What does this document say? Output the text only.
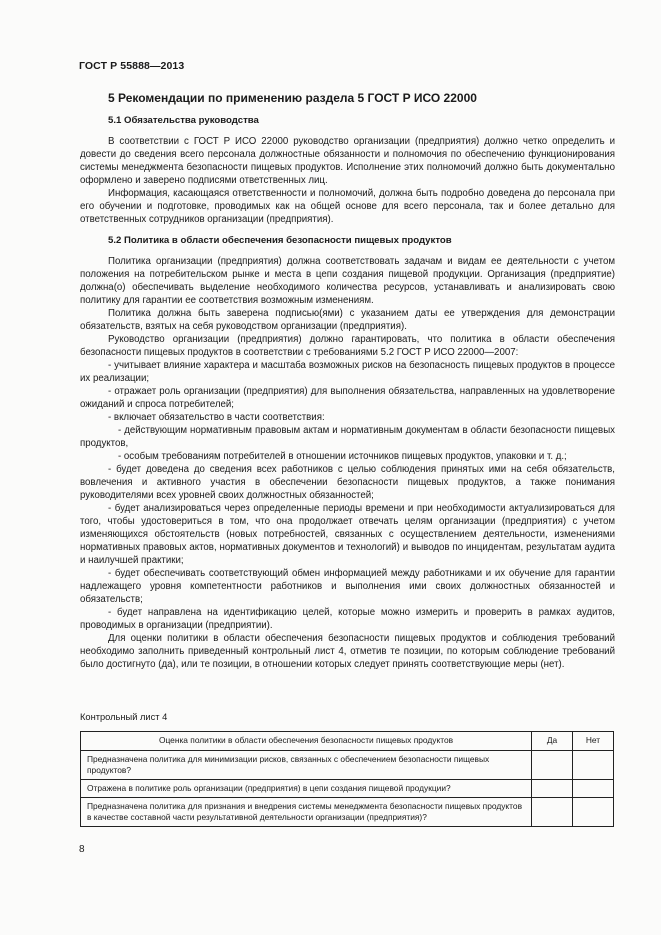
ГОСТ Р 55888—2013
5 Рекомендации по применению раздела 5 ГОСТ Р ИСО 22000
5.1 Обязательства руководства

В соответствии с ГОСТ Р ИСО 22000 руководство организации (предприятия) должно четко определить и довести до сведения всего персонала должностные обязанности и полномочия по обеспечению функционирования системы менеджмента безопасности пищевых продуктов. Исполнение этих полномочий должно быть документально оформлено и заверено подписями ответственных лиц.

Информация, касающаяся ответственности и полномочий, должна быть подробно доведена до персонала при его обучении и подготовке, проводимых как на общей основе для всего персонала, так и более детально для ответственных сотрудников организации (предприятия).

5.2 Политика в области обеспечения безопасности пищевых продуктов

Политика организации (предприятия) должна соответствовать задачам и видам ее деятельности с учетом положения на потребительском рынке и места в цепи создания пищевой продукции. Организация (предприятие) должна(о) обеспечивать выделение необходимого количества ресурсов, устанавливать и анализировать свою политику для гарантии ее соответствия возможным изменениям.

Политика должна быть заверена подписью(ями) с указанием даты ее утверждения для демонстрации обязательств, взятых на себя руководством организации (предприятия).

Руководство организации (предприятия) должно гарантировать, что политика в области обеспечения безопасности пищевых продуктов в соответствии с требованиями 5.2 ГОСТ Р ИСО 22000—2007:

- учитывает влияние характера и масштаба возможных рисков на безопасность пищевых продуктов в процессе их реализации;

- отражает роль организации (предприятия) для выполнения обязательства, направленных на удовлетворение ожиданий и спроса потребителей;

- включает обязательство в части соответствия:

- действующим нормативным правовым актам и нормативным документам в области безопасности пищевых продуктов,

- особым требованиям потребителей в отношении источников пищевых продуктов, упаковки и т. д.;

- будет доведена до сведения всех работников с целью соблюдения принятых ими на себя обязательств, вовлечения и активного участия в обеспечении безопасности пищевых продуктов, а также понимания руководителями всех уровней своих должностных обязанностей;

- будет анализироваться через определенные периоды времени и при необходимости актуализироваться для того, чтобы удостовериться в том, что она продолжает отвечать целям организации (предприятия) с учетом изменяющихся обстоятельств (новых потребностей, связанных с осуществлением деятельности, изменениями нормативных правовых актов, нормативных документов и технологий) и выводов по инцидентам, результатам аудита и наилучшей практики;

- будет обеспечивать соответствующий обмен информацией между работниками и их обучение для гарантии надлежащего уровня компетентности работников и выполнения ими своих должностных обязанностей и обязательств;

- будет направлена на идентификацию целей, которые можно измерить и проверить в рамках аудитов, проводимых в организации (предприятии).

Для оценки политики в области обеспечения безопасности пищевых продуктов и соблюдения требований необходимо заполнить приведенный контрольный лист 4, отметив те позиции, по которым соблюдение требований было достигнуто (да), или те позиции, в отношении которых следует принять соответствующие меры (нет).

Контрольный лист 4
Оценка политики в области обеспечения безопасности пищевых продуктов	Да	Нет
Предназначена политика для минимизации рисков, связанных с обеспечением безопасности пищевых продуктов?		
Отражена в политике роль организации (предприятия) в цепи создания пищевой продукции?		
Предназначена политика для признания и внедрения системы менеджмента безопасности пищевых продуктов в качестве составной части результативной деятельности организации (предприятия)?		
8
